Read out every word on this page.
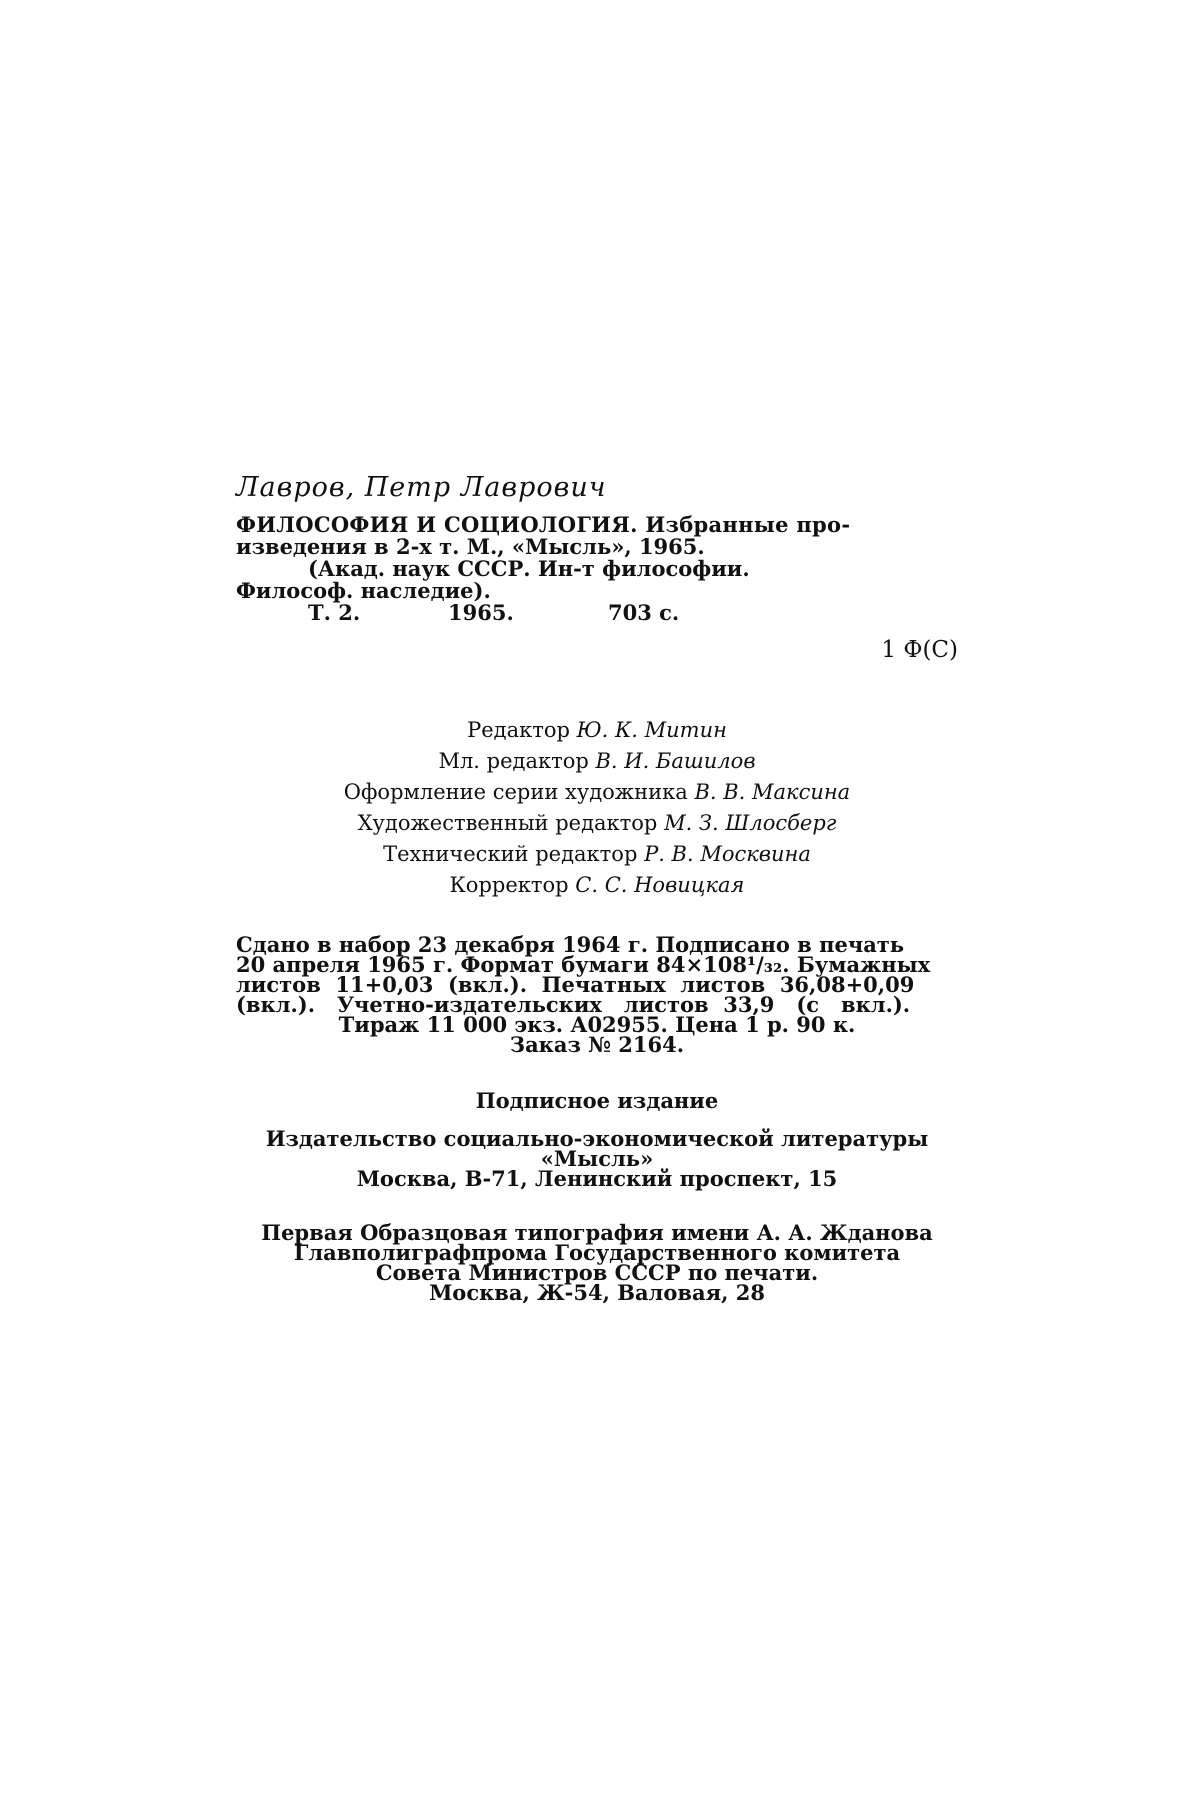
Лавров, Петр Лаврович
ФИЛОСОФИЯ И СОЦИОЛОГИЯ. Избранные про-
изведения в 2-х т. М., «Мысль», 1965.
(Акад. наук СССР. Ин-т философии.
Философ. наследие).
Т. 2.	1965.	703 с.
1 Ф(С)
Редактор Ю. К. Митин
Мл. редактор В. И. Башилов
Оформление серии художника В. В. Максина
Художественный редактор М. З. Шлосберг
Технический редактор Р. В. Москвина
Корректор С. С. Новицкая
Сдано в набор 23 декабря 1964 г. Подписано в печать
20 апреля 1965 г. Формат бумаги 84×108¹/₃₂. Бумажных
листов  11+0,03  (вкл.).  Печатных  листов  36,08+0,09
(вкл.).   Учетно-издательских   листов  33,9   (с   вкл.).
Тираж 11 000 экз. А02955. Цена 1 р. 90 к.
Заказ № 2164.
Подписное издание
Издательство социально-экономической литературы
«Мысль»
Москва, В-71, Ленинский проспект, 15
Первая Образцовая типография имени А. А. Жданова
Главполиграфпрома Государственного комитета
Совета Министров СССР по печати.
Москва, Ж-54, Валовая, 28
